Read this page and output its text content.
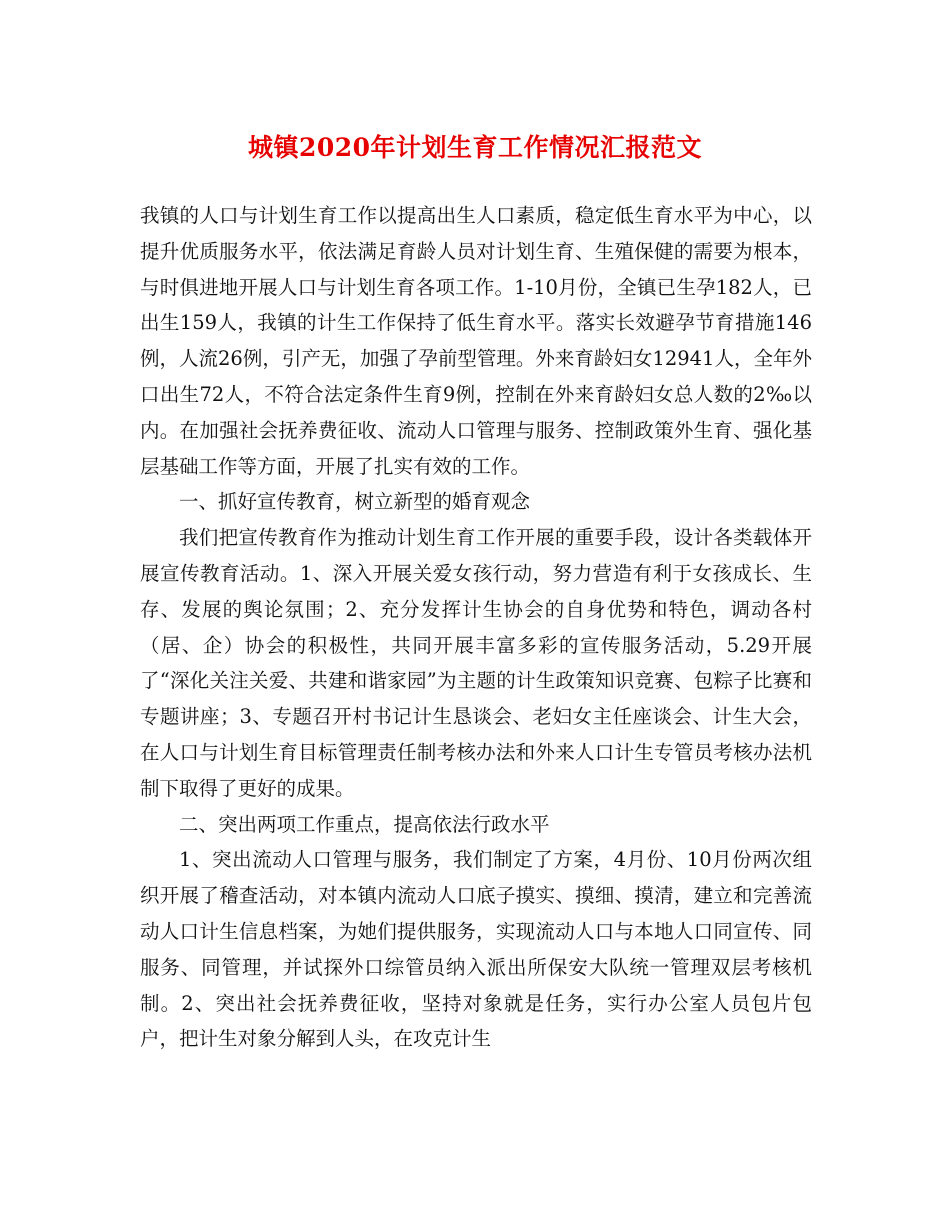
城镇2020年计划生育工作情况汇报范文

我镇的人口与计划生育工作以提高出生人口素质，稳定低生育水平为中心，以提升优质服务水平，依法满足育龄人员对计划生育、生殖保健的需要为根本，与时俱进地开展人口与计划生育各项工作。1-10月份，全镇已生孕182人，已出生159人，我镇的计生工作保持了低生育水平。落实长效避孕节育措施146例，人流26例，引产无，加强了孕前型管理。外来育龄妇女12941人，全年外口出生72人，不符合法定条件生育9例，控制在外来育龄妇女总人数的2‰以内。在加强社会抚养费征收、流动人口管理与服务、控制政策外生育、强化基层基础工作等方面，开展了扎实有效的工作。

一、抓好宣传教育，树立新型的婚育观念

我们把宣传教育作为推动计划生育工作开展的重要手段，设计各类载体开展宣传教育活动。1、深入开展关爱女孩行动，努力营造有利于女孩成长、生存、发展的舆论氛围；2、充分发挥计生协会的自身优势和特色，调动各村（居、企）协会的积极性，共同开展丰富多彩的宣传服务活动，5.29开展了“深化关注关爱、共建和谐家园”为主题的计生政策知识竞赛、包粽子比赛和专题讲座；3、专题召开村书记计生恳谈会、老妇女主任座谈会、计生大会，在人口与计划生育目标管理责任制考核办法和外来人口计生专管员考核办法机制下取得了更好的成果。

二、突出两项工作重点，提高依法行政水平

1、突出流动人口管理与服务，我们制定了方案，4月份、10月份两次组织开展了稽查活动，对本镇内流动人口底子摸实、摸细、摸清，建立和完善流动人口计生信息档案，为她们提供服务，实现流动人口与本地人口同宣传、同服务、同管理，并试探外口综管员纳入派出所保安大队统一管理双层考核机制。2、突出社会抚养费征收，坚持对象就是任务，实行办公室人员包片包户，把计生对象分解到人头，在攻克计生
